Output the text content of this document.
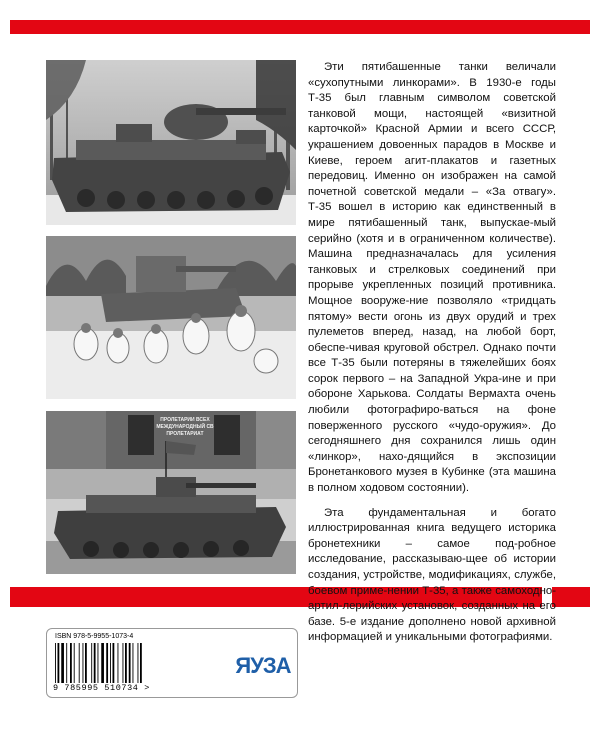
ПРОЛЕТАРИИ ВСЕХ
МЕЖДУНАРОДНЫЙ СВ
ПРОЛЕТАРИАТ

Эти пятибашенные танки величали «сухопутными линкорами». В 1930-е годы Т-35 был главным символом советской танковой мощи, настоящей «визитной карточкой» Красной Армии и всего СССР, украшением довоенных парадов в Москве и Киеве, героем агит-плакатов и газетных передовиц. Именно он изображен на самой почетной советской медали – «За отвагу». Т-35 вошел в историю как единственный в мире пятибашенный танк, выпускае-мый серийно (хотя и в ограниченном количестве). Машина предназначалась для усиления танковых и стрелковых соединений при прорыве укрепленных позиций противника. Мощное вооруже-ние позволяло «тридцать пятому» вести огонь из двух орудий и трех пулеметов вперед, назад, на любой борт, обеспе-чивая круговой обстрел. Однако почти все Т-35 были потеряны в тяжелейших боях сорок первого – на Западной Укра-ине и при обороне Харькова. Солдаты Вермахта очень любили фотографиро-ваться на фоне поверженного русского «чудо-оружия». До сегодняшнего дня сохранился лишь один «линкор», нахо-дящийся в экспозиции Бронетанкового музея в Кубинке (эта машина в полном ходовом состоянии).

Эта фундаментальная и богато иллюстрированная книга ведущего историка бронетехники – самое под-робное исследование, рассказываю-щее об истории создания, устройстве, модификациях, службе, боевом приме-нении Т-35, а также самоходно-артил-лерийских установок, созданных на его базе. 5-е издание дополнено новой архивной информацией и уникальными фотографиями.

ISBN 978-5-9955-1073-4
9 785995 510734 >
ЯУЗА
